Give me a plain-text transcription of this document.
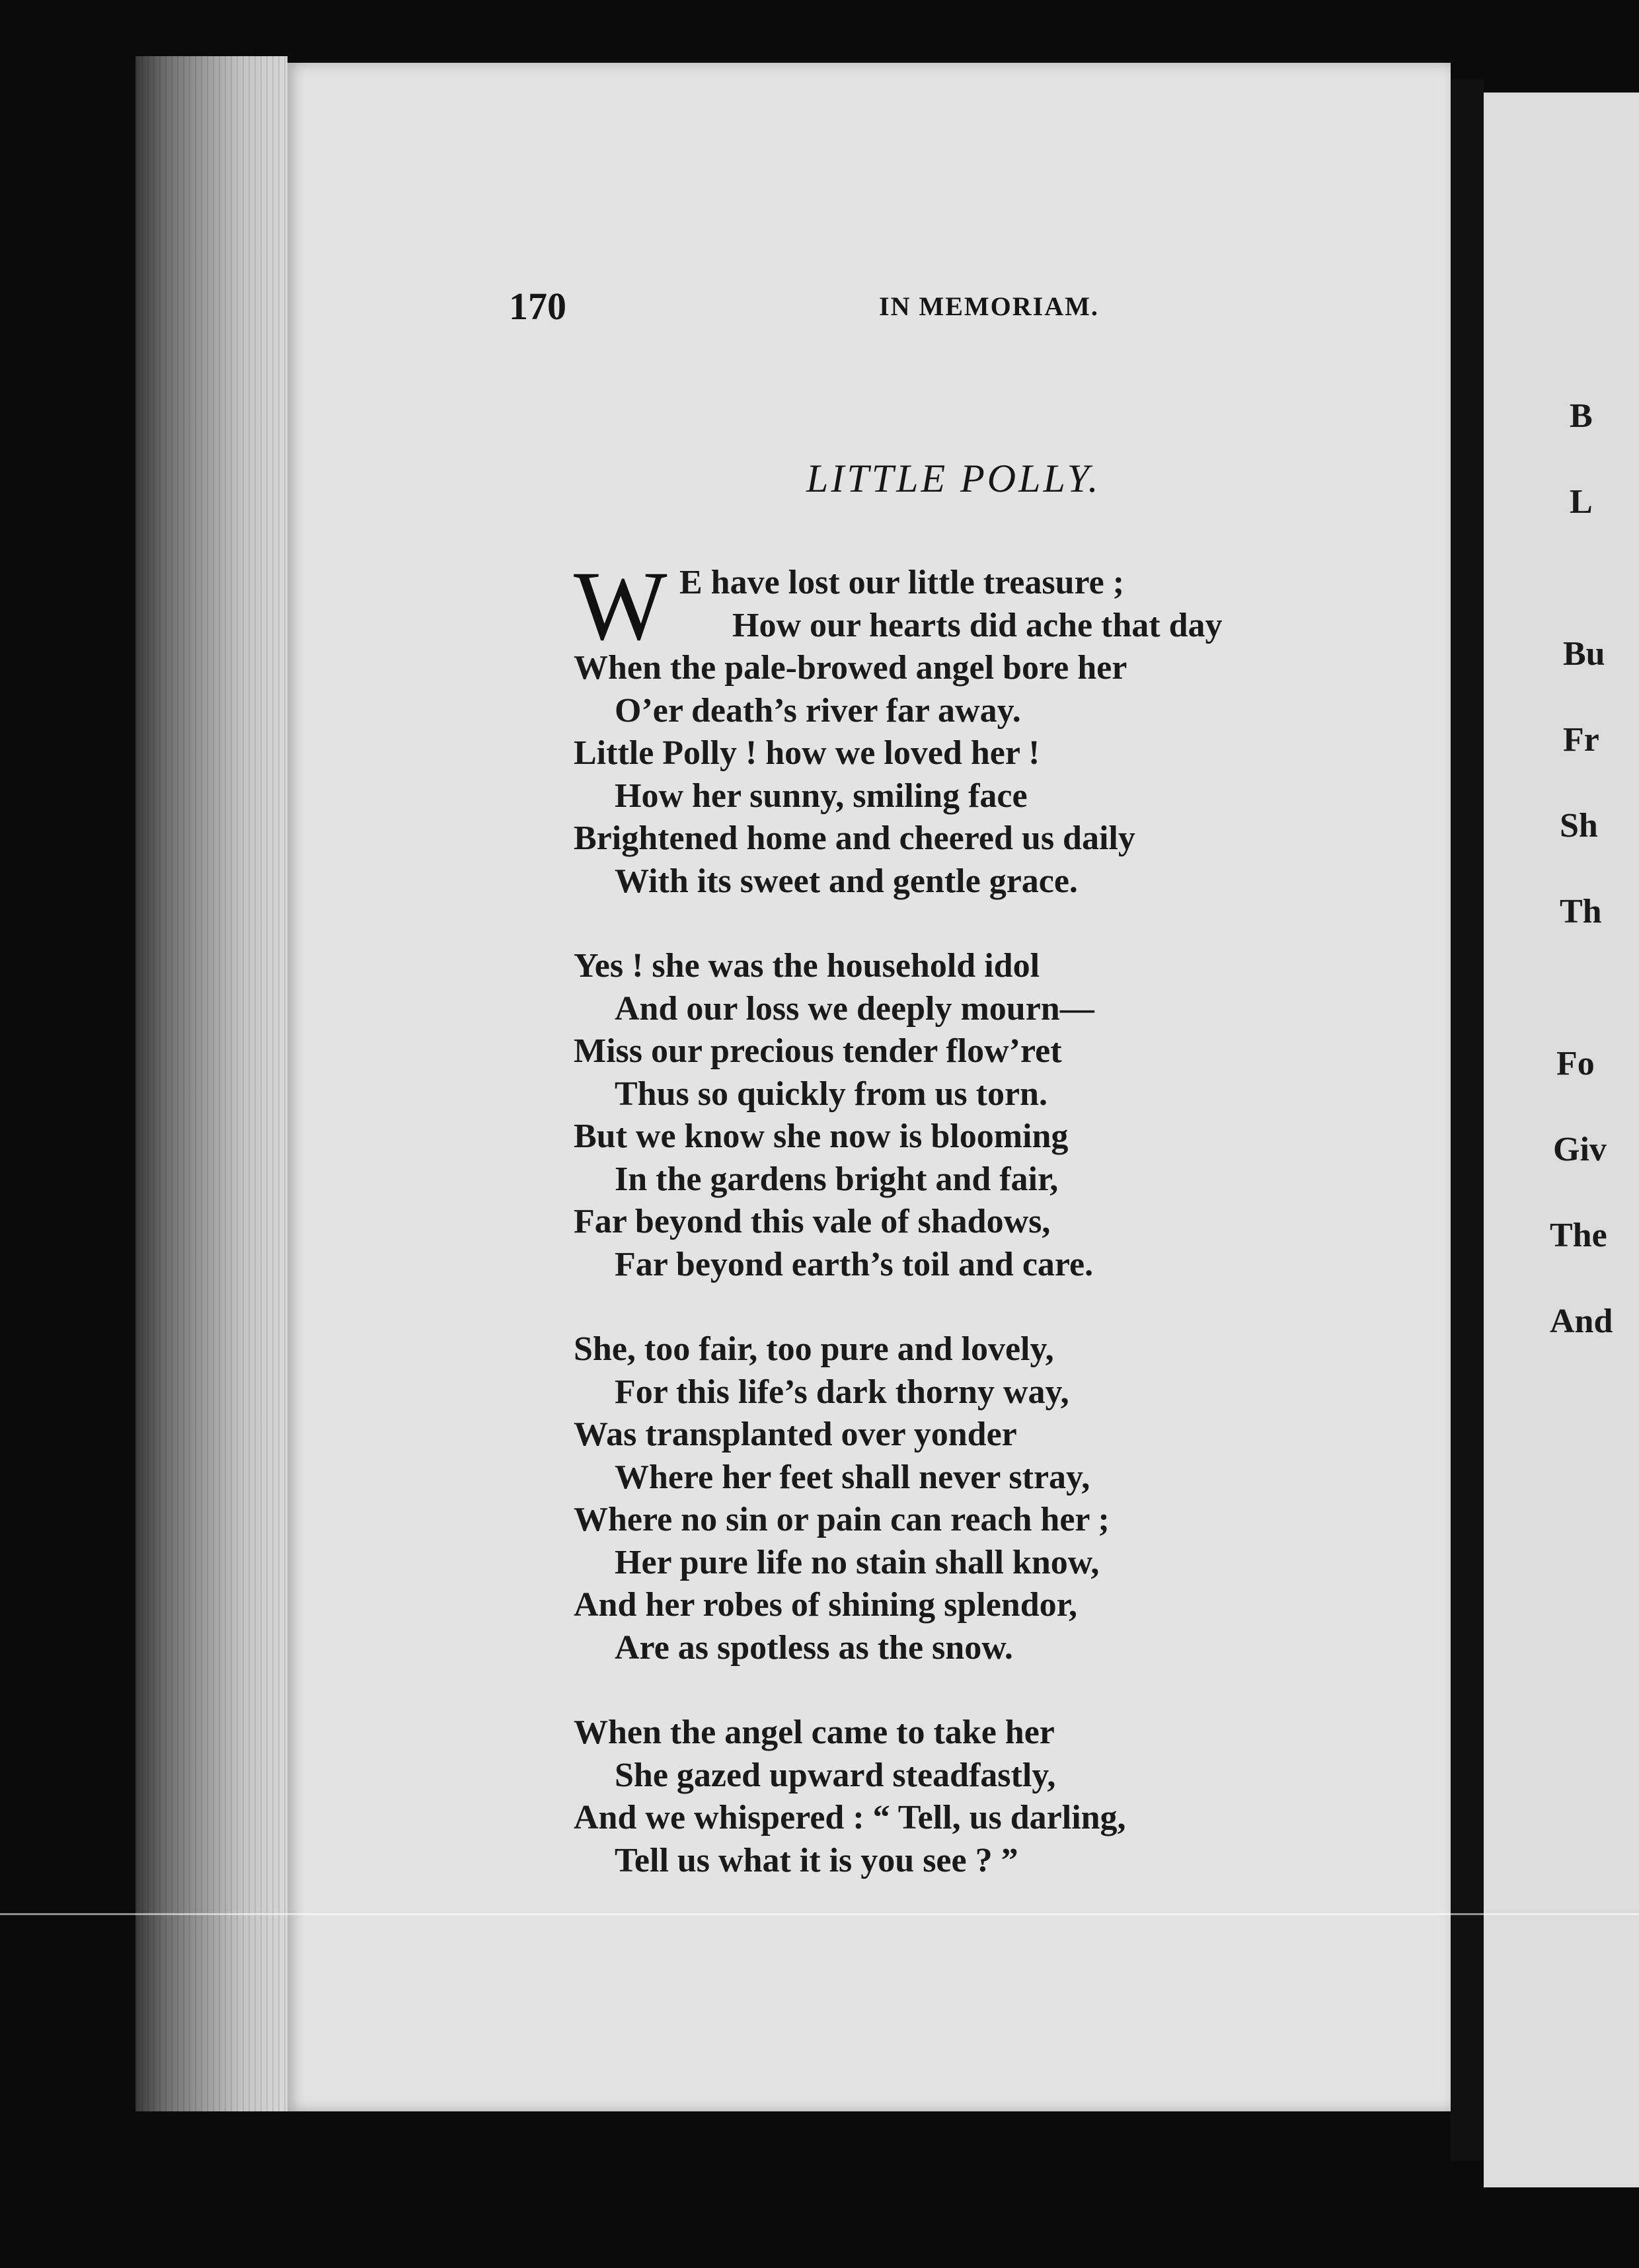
170	IN MEMORIAM.
LITTLE POLLY.
W E have lost our little treasure ;
How our hearts did ache that day
When the pale-browed angel bore her
O’er death’s river far away.
Little Polly ! how we loved her !
How her sunny, smiling face
Brightened home and cheered us daily
With its sweet and gentle grace.
Yes ! she was the household idol
And our loss we deeply mourn—
Miss our precious tender flow’ret
Thus so quickly from us torn.
But we know she now is blooming
In the gardens bright and fair,
Far beyond this vale of shadows,
Far beyond earth’s toil and care.
She, too fair, too pure and lovely,
For this life’s dark thorny way,
Was transplanted over yonder
Where her feet shall never stray,
Where no sin or pain can reach her ;
Her pure life no stain shall know,
And her robes of shining splendor,
Are as spotless as the snow.
When the angel came to take her
She gazed upward steadfastly,
And we whispered : “ Tell, us darling,
Tell us what it is you see ? ”
B
L
Bu
Fr
Sh
Th
Fo
Giv
The
And
